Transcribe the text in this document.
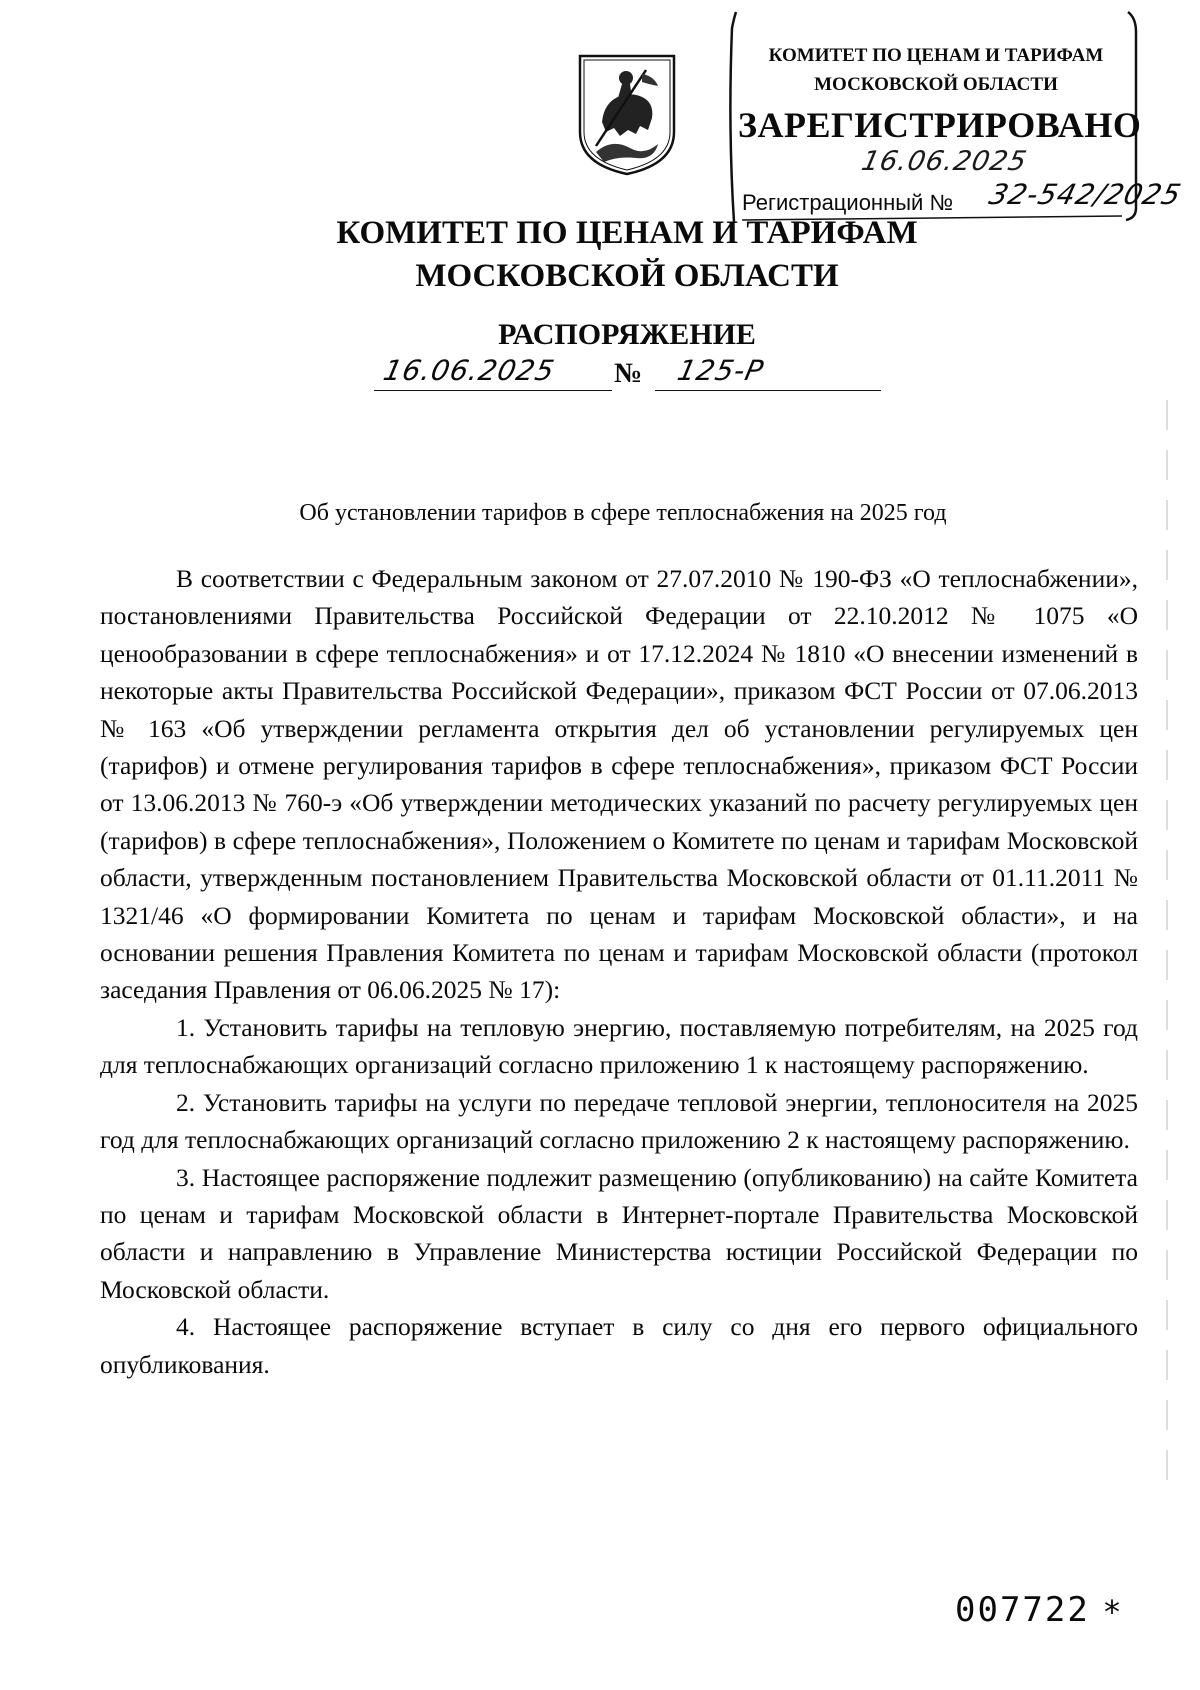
КОМИТЕТ ПО ЦЕНАМ И ТАРИФАМ
МОСКОВСКОЙ ОБЛАСТИ
ЗАРЕГИСТРИРОВАНО
16.06.2025
Регистрационный № 32-542/2025
КОМИТЕТ ПО ЦЕНАМ И ТАРИФАМ
МОСКОВСКОЙ ОБЛАСТИ
РАСПОРЯЖЕНИЕ
16.06.2025 № 125-Р
Об установлении тарифов в сфере теплоснабжения на 2025 год

В соответствии с Федеральным законом от 27.07.2010 № 190-ФЗ «О теплоснабжении», постановлениями Правительства Российской Федерации от 22.10.2012 № 1075 «О ценообразовании в сфере теплоснабжения» и от 17.12.2024 № 1810 «О внесении изменений в некоторые акты Правительства Российской Федерации», приказом ФСТ России от 07.06.2013 № 163 «Об утверждении регламента открытия дел об установлении регулируемых цен (тарифов) и отмене регулирования тарифов в сфере теплоснабжения», приказом ФСТ России от 13.06.2013 № 760-э «Об утверждении методических указаний по расчету регулируемых цен (тарифов) в сфере теплоснабжения», Положением о Комитете по ценам и тарифам Московской области, утвержденным постановлением Правительства Московской области от 01.11.2011 № 1321/46 «О формировании Комитета по ценам и тарифам Московской области», и на основании решения Правления Комитета по ценам и тарифам Московской области (протокол заседания Правления от 06.06.2025 № 17):

1. Установить тарифы на тепловую энергию, поставляемую потребителям, на 2025 год для теплоснабжающих организаций согласно приложению 1 к настоящему распоряжению.

2. Установить тарифы на услуги по передаче тепловой энергии, теплоносителя на 2025 год для теплоснабжающих организаций согласно приложению 2 к настоящему распоряжению.

3. Настоящее распоряжение подлежит размещению (опубликованию) на сайте Комитета по ценам и тарифам Московской области в Интернет-портале Правительства Московской области и направлению в Управление Министерства юстиции Российской Федерации по Московской области.

4. Настоящее распоряжение вступает в силу со дня его первого официального опубликования.

007722 *
